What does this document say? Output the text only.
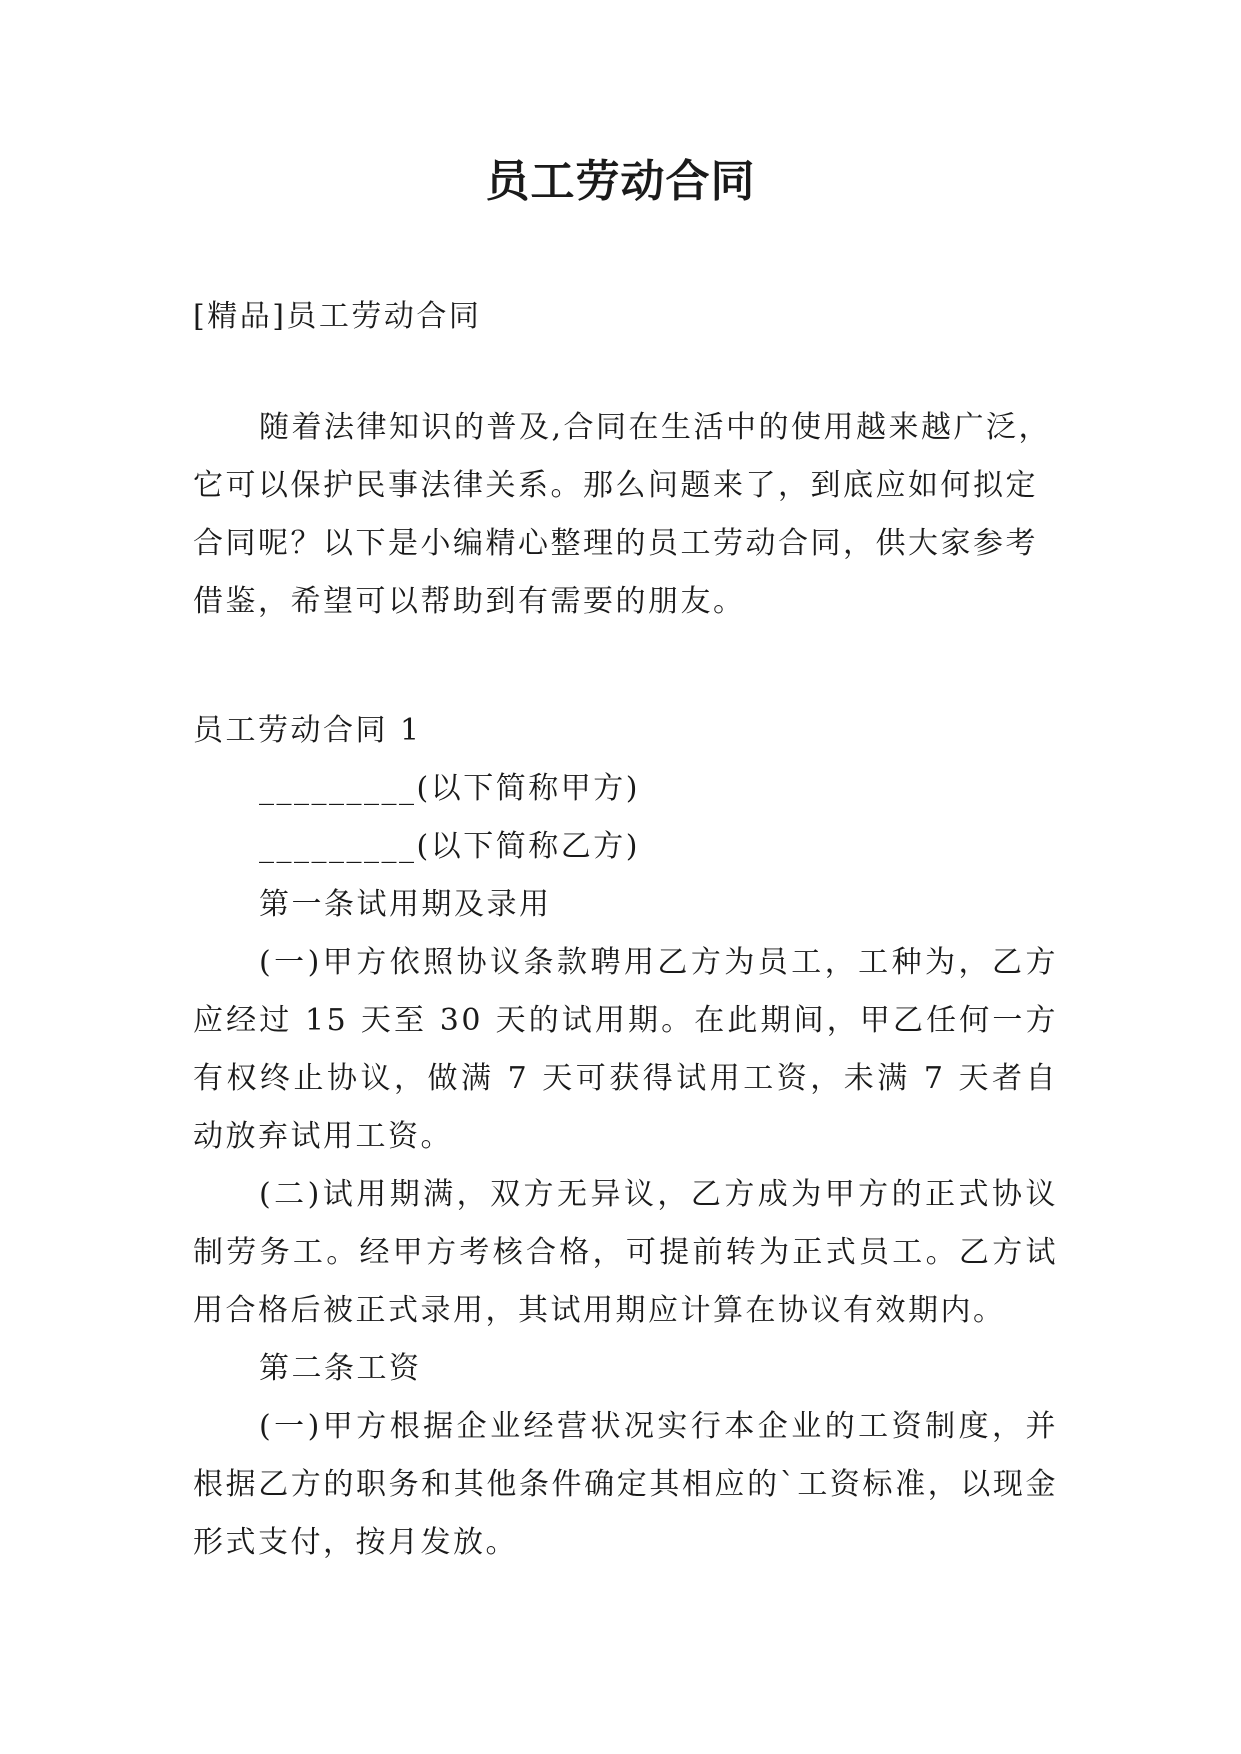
员工劳动合同

[精品]员工劳动合同

随着法律知识的普及,合同在生活中的使用越来越广泛，它可以保护民事法律关系。那么问题来了，到底应如何拟定合同呢？以下是小编精心整理的员工劳动合同，供大家参考借鉴，希望可以帮助到有需要的朋友。

员工劳动合同 1

_________(以下简称甲方)

_________(以下简称乙方)

第一条试用期及录用

(一)甲方依照协议条款聘用乙方为员工，工种为，乙方应经过 15 天至 30 天的试用期。在此期间，甲乙任何一方有权终止协议，做满 7 天可获得试用工资，未满 7 天者自动放弃试用工资。

(二)试用期满，双方无异议，乙方成为甲方的正式协议制劳务工。经甲方考核合格，可提前转为正式员工。乙方试用合格后被正式录用，其试用期应计算在协议有效期内。

第二条工资

(一)甲方根据企业经营状况实行本企业的工资制度，并根据乙方的职务和其他条件确定其相应的`工资标准，以现金形式支付，按月发放。
